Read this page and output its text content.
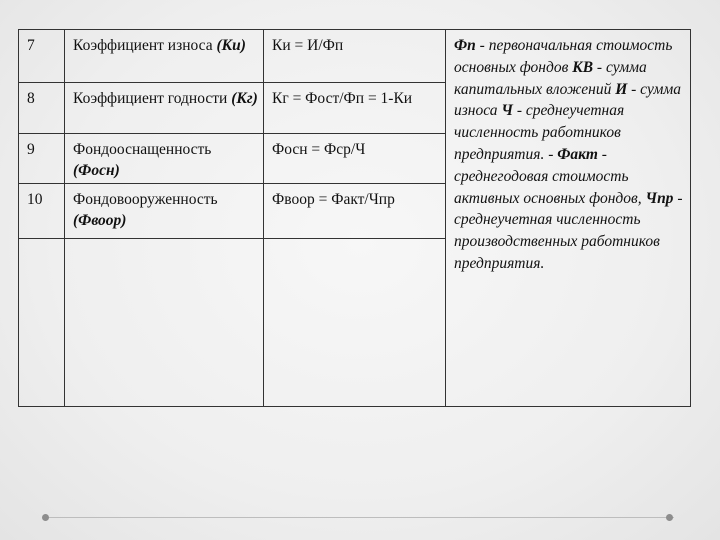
7	Коэффициент износа (Ки)	Ки = И/Фп	Фп - первоначальная стоимость основных фондов КВ - сумма капитальных вложений И - сумма износа Ч - среднеучетная численность работников предприятия. - Факт - среднегодовая стоимость активных основных фондов, Чпр - среднеучетная численность производственных работников предприятия.
8	Коэффициент годности (Кг)	Кг = Фост/Фп = 1-Ки	
9	Фондооснащенность (Фосн)	Фосн = Фср/Ч	
10	Фондовооруженность (Фвоор)	Фвоор = Факт/Чпр	
